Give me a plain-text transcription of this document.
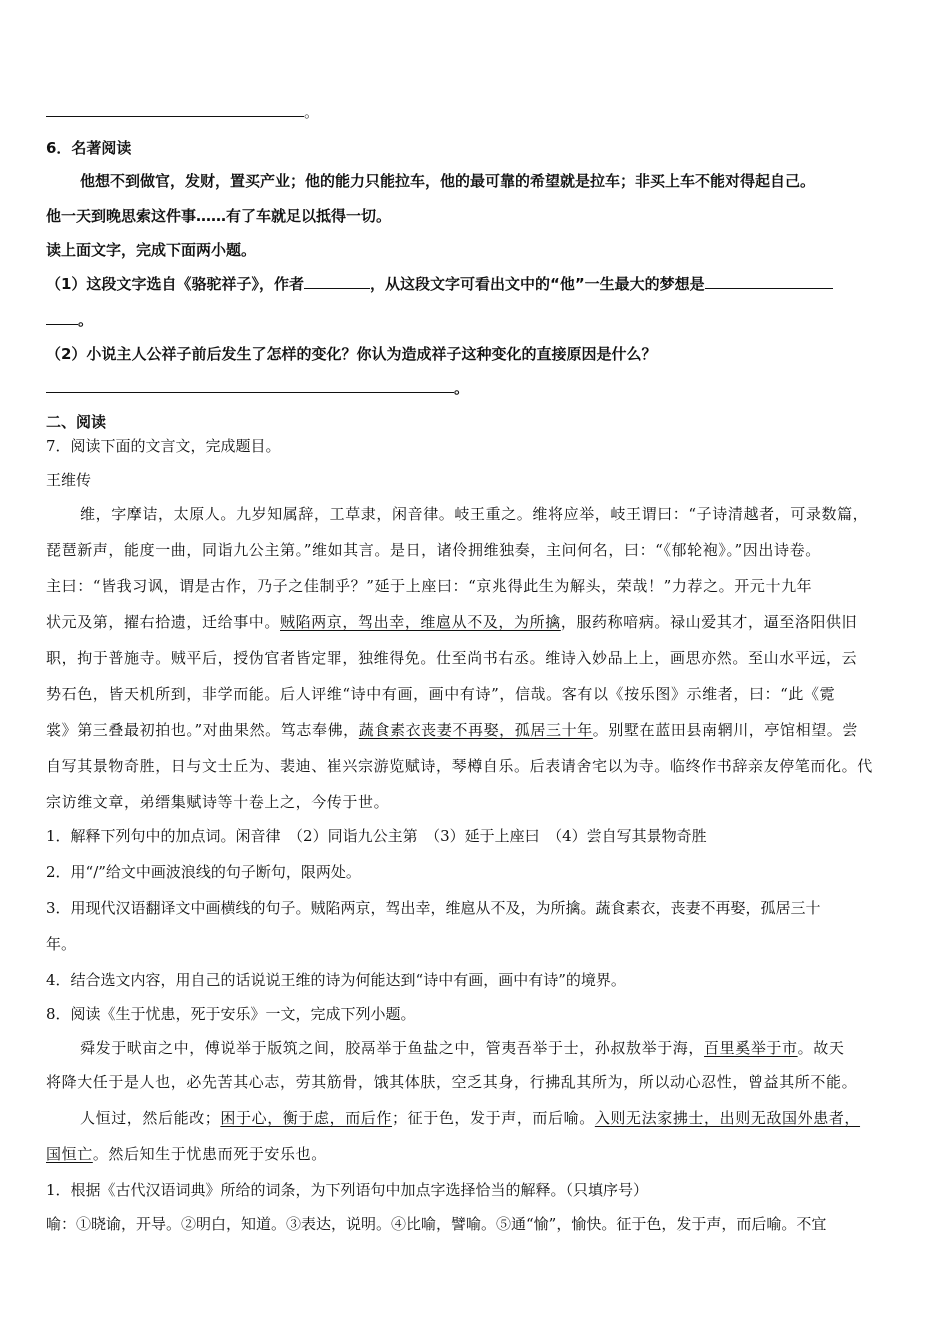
。
6．名著阅读
他想不到做官，发财，置买产业；他的能力只能拉车，他的最可靠的希望就是拉车；非买上车不能对得起自己。
他一天到晚思索这件事……有了车就足以抵得一切。
读上面文字，完成下面两小题。
（1）这段文字选自《骆驼祥子》，作者	，从这段文字可看出文中的“他”一生最大的梦想是
。
（2）小说主人公祥子前后发生了怎样的变化？你认为造成祥子这种变化的直接原因是什么？
。
二、阅读
7．阅读下面的文言文，完成题目。
王维传
维，字摩诘，太原人。九岁知属辞，工草隶，闲音律。岐王重之。维将应举，岐王谓曰：“子诗清越者，可录数篇，
琵琶新声，能度一曲，同诣九公主第。”维如其言。是日，诸伶拥维独奏，主问何名，曰：“《郁轮袍》。”因出诗卷。
主曰：“皆我习讽，谓是古作，乃子之佳制乎？”延于上座曰：“京兆得此生为解头，荣哉！”力荐之。开元十九年
状元及第，擢右拾遗，迁给事中。贼陷两京，驾出幸，维扈从不及，为所擒，服药称喑病。禄山爱其才，逼至洛阳供旧
职，拘于普施寺。贼平后，授伪官者皆定罪，独维得免。仕至尚书右丞。维诗入妙品上上，画思亦然。至山水平远，云
势石色，皆天机所到，非学而能。后人评维“诗中有画，画中有诗”，信哉。客有以《按乐图》示维者，曰：“此《霓
裳》第三叠最初拍也。”对曲果然。笃志奉佛，蔬食素衣丧妻不再娶，孤居三十年。别墅在蓝田县南辋川，亭馆相望。尝
自写其景物奇胜，日与文士丘为、裴迪、崔兴宗游览赋诗，琴樽自乐。后表请舍宅以为寺。临终作书辞亲友停笔而化。代
宗访维文章，弟缙集赋诗等十卷上之，今传于世。
1．解释下列句中的加点词。闲音律　（2）同诣九公主第　（3）延于上座曰　（4）尝自写其景物奇胜
2．用“/”给文中画波浪线的句子断句，限两处。
3．用现代汉语翻译文中画横线的句子。贼陷两京，驾出幸，维扈从不及，为所擒。蔬食素衣，丧妻不再娶，孤居三十
年。
4．结合选文内容，用自己的话说说王维的诗为何能达到“诗中有画，画中有诗”的境界。
8．阅读《生于忧患，死于安乐》一文，完成下列小题。
舜发于畎亩之中，傅说举于版筑之间，胶鬲举于鱼盐之中，管夷吾举于士，孙叔敖举于海，百里奚举于市。故天
将降大任于是人也，必先苦其心志，劳其筋骨，饿其体肤，空乏其身，行拂乱其所为，所以动心忍性，曾益其所不能。
人恒过，然后能改；困于心，衡于虑，而后作；征于色，发于声，而后喻。入则无法家拂士，出则无敌国外患者，
国恒亡。然后知生于忧患而死于安乐也。
1．根据《古代汉语词典》所给的词条，为下列语句中加点字选择恰当的解释。（只填序号）
喻：①晓谕，开导。②明白，知道。③表达，说明。④比喻，譬喻。⑤通“愉”，愉快。征于色，发于声，而后喻。不宜
